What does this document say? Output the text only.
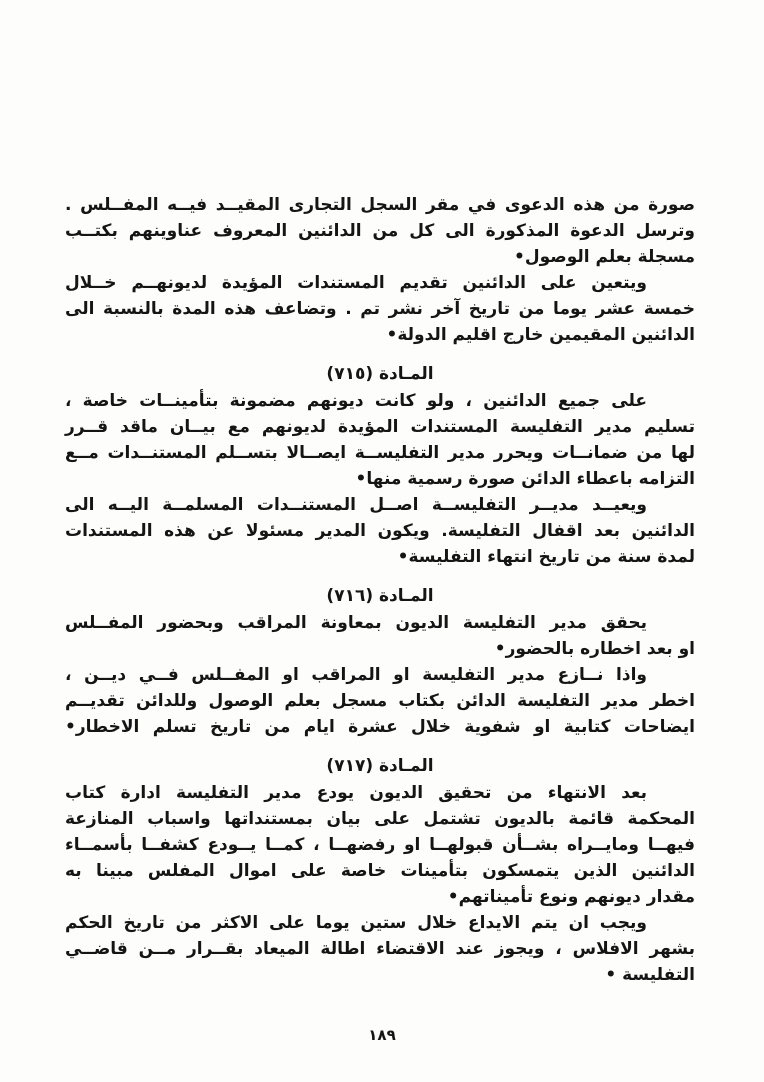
صورة من هذه الدعوى في مقر السجل التجارى المقيــد فيــه المفــلس .
وترسل الدعوة المذكورة الى كل من الدائنين المعروف عناوينهم بكتــب
مسجلة بعلم الوصول•
ويتعين على الدائنين تقديم المستندات المؤيدة لديونهــم خــلال
خمسة عشر يوما من تاريخ آخر نشر تم . وتضاعف هذه المدة بالنسبة الى
الدائنين المقيمين خارج اقليم الدولة•
المـادة (٧١٥)
على جميع الدائنين ، ولو كانت ديونهم مضمونة بتأمينــات خاصة ،
تسليم مدير التفليسة المستندات المؤيدة لديونهم مع بيــان ماقد قــرر
لها من ضمانــات ويحرر مدير التفليســة ايصــالا بتســلم المستنــدات مــع
التزامه باعطاء الدائن صورة رسمية منها•
ويعيــد مديــر التفليســة اصــل المستنــدات المسلمــة اليــه الى
الدائنين بعد اقفال التفليسة. ويكون المدير مسئولا عن هذه المستندات
لمدة سنة من تاريخ انتهاء التفليسة•
المـادة (٧١٦)
يحقق مدير التفليسة الديون بمعاونة المراقب وبحضور المفــلس
او بعد اخطاره بالحضور•
واذا نــازع مدير التفليسة او المراقب او المفــلس فــي ديــن ،
اخطر مدير التفليسة الدائن بكتاب مسجل بعلم الوصول وللدائن تقديــم
ايضاحات كتابية او شفوية خلال عشرة ايام من تاريخ تسلم الاخطار•
المـادة (٧١٧)
بعد الانتهاء من تحقيق الديون يودع مدير التفليسة ادارة كتاب
المحكمة قائمة بالديون تشتمل على بيان بمستنداتها واسباب المنازعة
فيهــا ومايــراه بشــأن قبولهــا او رفضهــا ، كمــا يــودع كشفــا بأسمــاء
الدائنين الذين يتمسكون بتأمينات خاصة على اموال المفلس مبينا به
مقدار ديونهم ونوع تأميناتهم•
ويجب ان يتم الايداع خلال ستين يوما على الاكثر من تاريخ الحكم
بشهر الافلاس ، ويجوز عند الاقتضاء اطالة الميعاد بقــرار مــن قاضــي
التفليسة •
١٨٩
